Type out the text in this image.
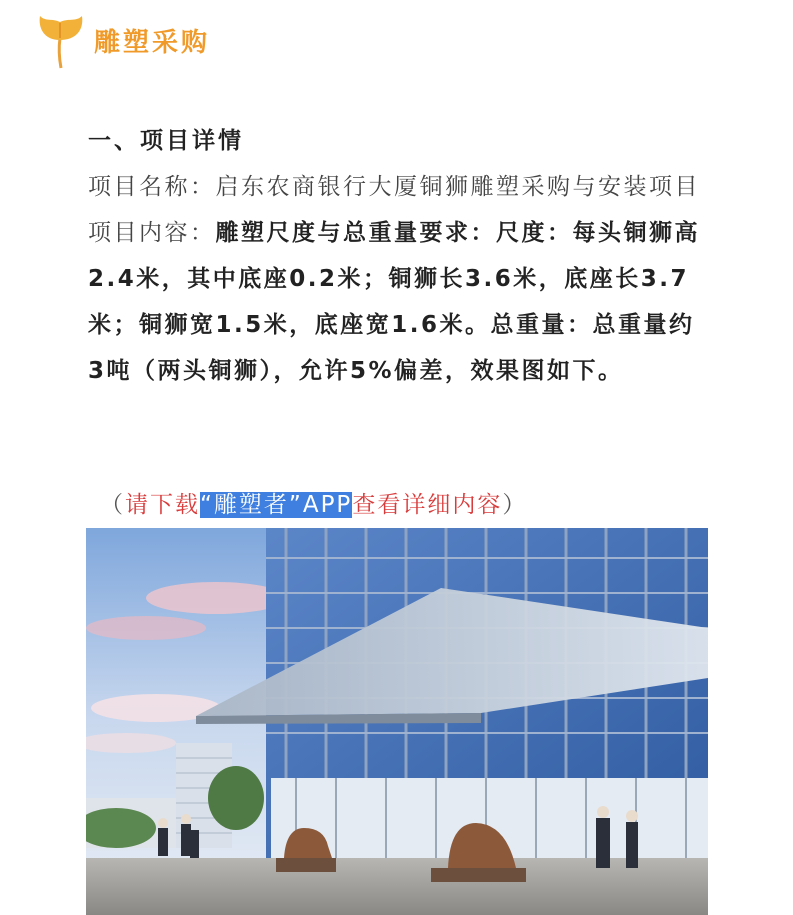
雕塑采购

一、项目详情

项目名称：启东农商银行大厦铜狮雕塑采购与安装项目

项目内容：雕塑尺度与总重量要求：尺度：每头铜狮高2.4米，其中底座0.2米；铜狮长3.6米，底座长3.7米；铜狮宽1.5米，底座宽1.6米。总重量：总重量约3吨（两头铜狮），允许5%偏差，效果图如下。

（请下载“雕塑者”APP查看详细内容）
